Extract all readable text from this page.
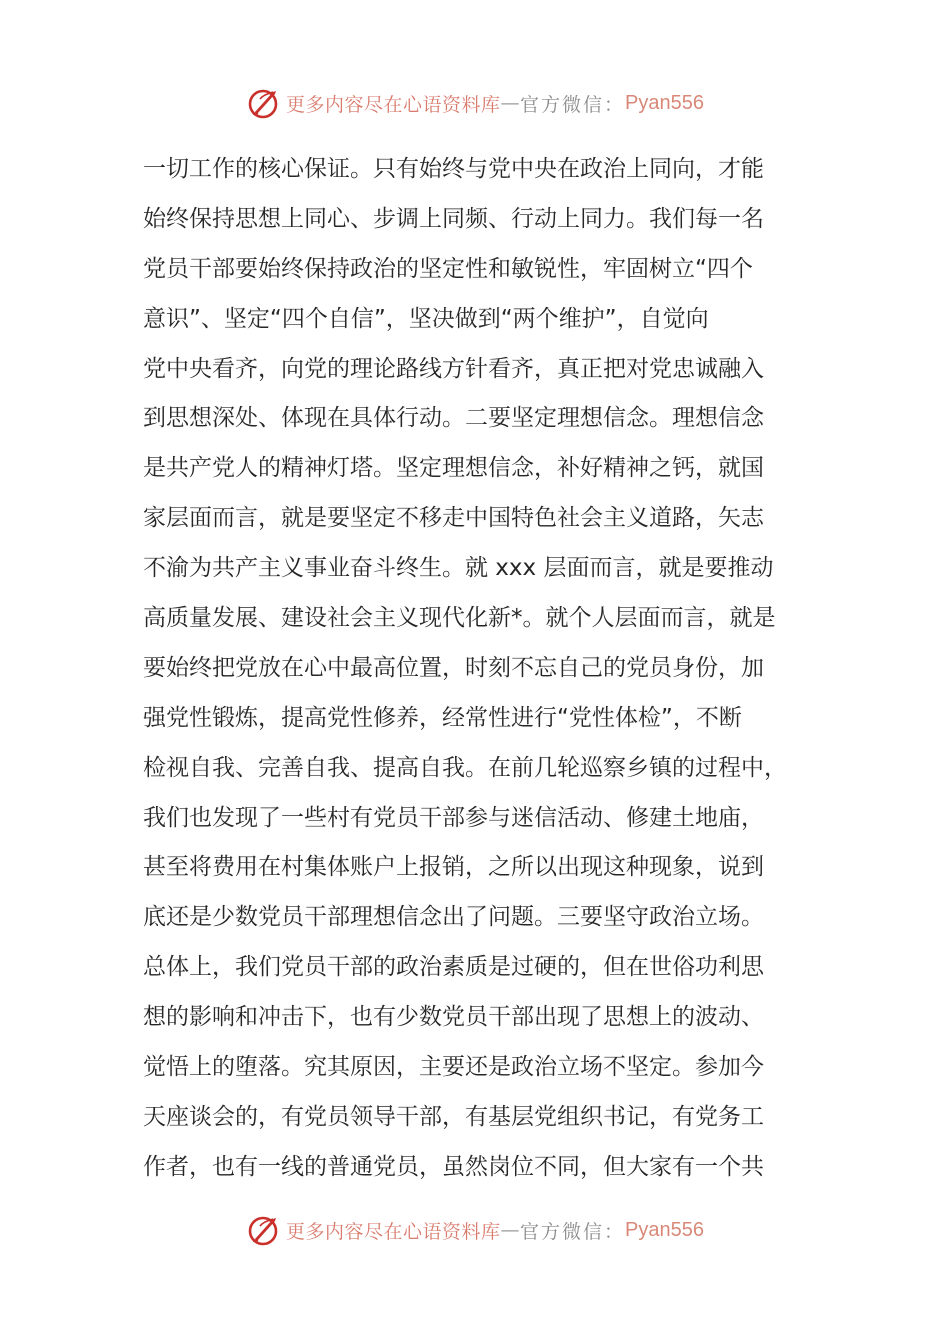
更多内容尽在心语资料库 — 官方微信： Pyan556
一切工作的核心保证。只有始终与党中央在政治上同向，才能
始终保持思想上同心、步调上同频、行动上同力。我们每一名
党员干部要始终保持政治的坚定性和敏锐性，牢固树立“四个
意识”、坚定“四个自信”，坚决做到“两个维护”，自觉向
党中央看齐，向党的理论路线方针看齐，真正把对党忠诚融入
到思想深处、体现在具体行动。二要坚定理想信念。理想信念
是共产党人的精神灯塔。坚定理想信念，补好精神之钙，就国
家层面而言，就是要坚定不移走中国特色社会主义道路，矢志
不渝为共产主义事业奋斗终生。就 xxx 层面而言，就是要推动
高质量发展、建设社会主义现代化新*。就个人层面而言，就是
要始终把党放在心中最高位置，时刻不忘自己的党员身份，加
强党性锻炼，提高党性修养，经常性进行“党性体检”，不断
检视自我、完善自我、提高自我。在前几轮巡察乡镇的过程中，
我们也发现了一些村有党员干部参与迷信活动、修建土地庙，
甚至将费用在村集体账户上报销，之所以出现这种现象，说到
底还是少数党员干部理想信念出了问题。三要坚守政治立场。
总体上，我们党员干部的政治素质是过硬的，但在世俗功利思
想的影响和冲击下，也有少数党员干部出现了思想上的波动、
觉悟上的堕落。究其原因，主要还是政治立场不坚定。参加今
天座谈会的，有党员领导干部，有基层党组织书记，有党务工
作者，也有一线的普通党员，虽然岗位不同，但大家有一个共
更多内容尽在心语资料库 — 官方微信： Pyan556
